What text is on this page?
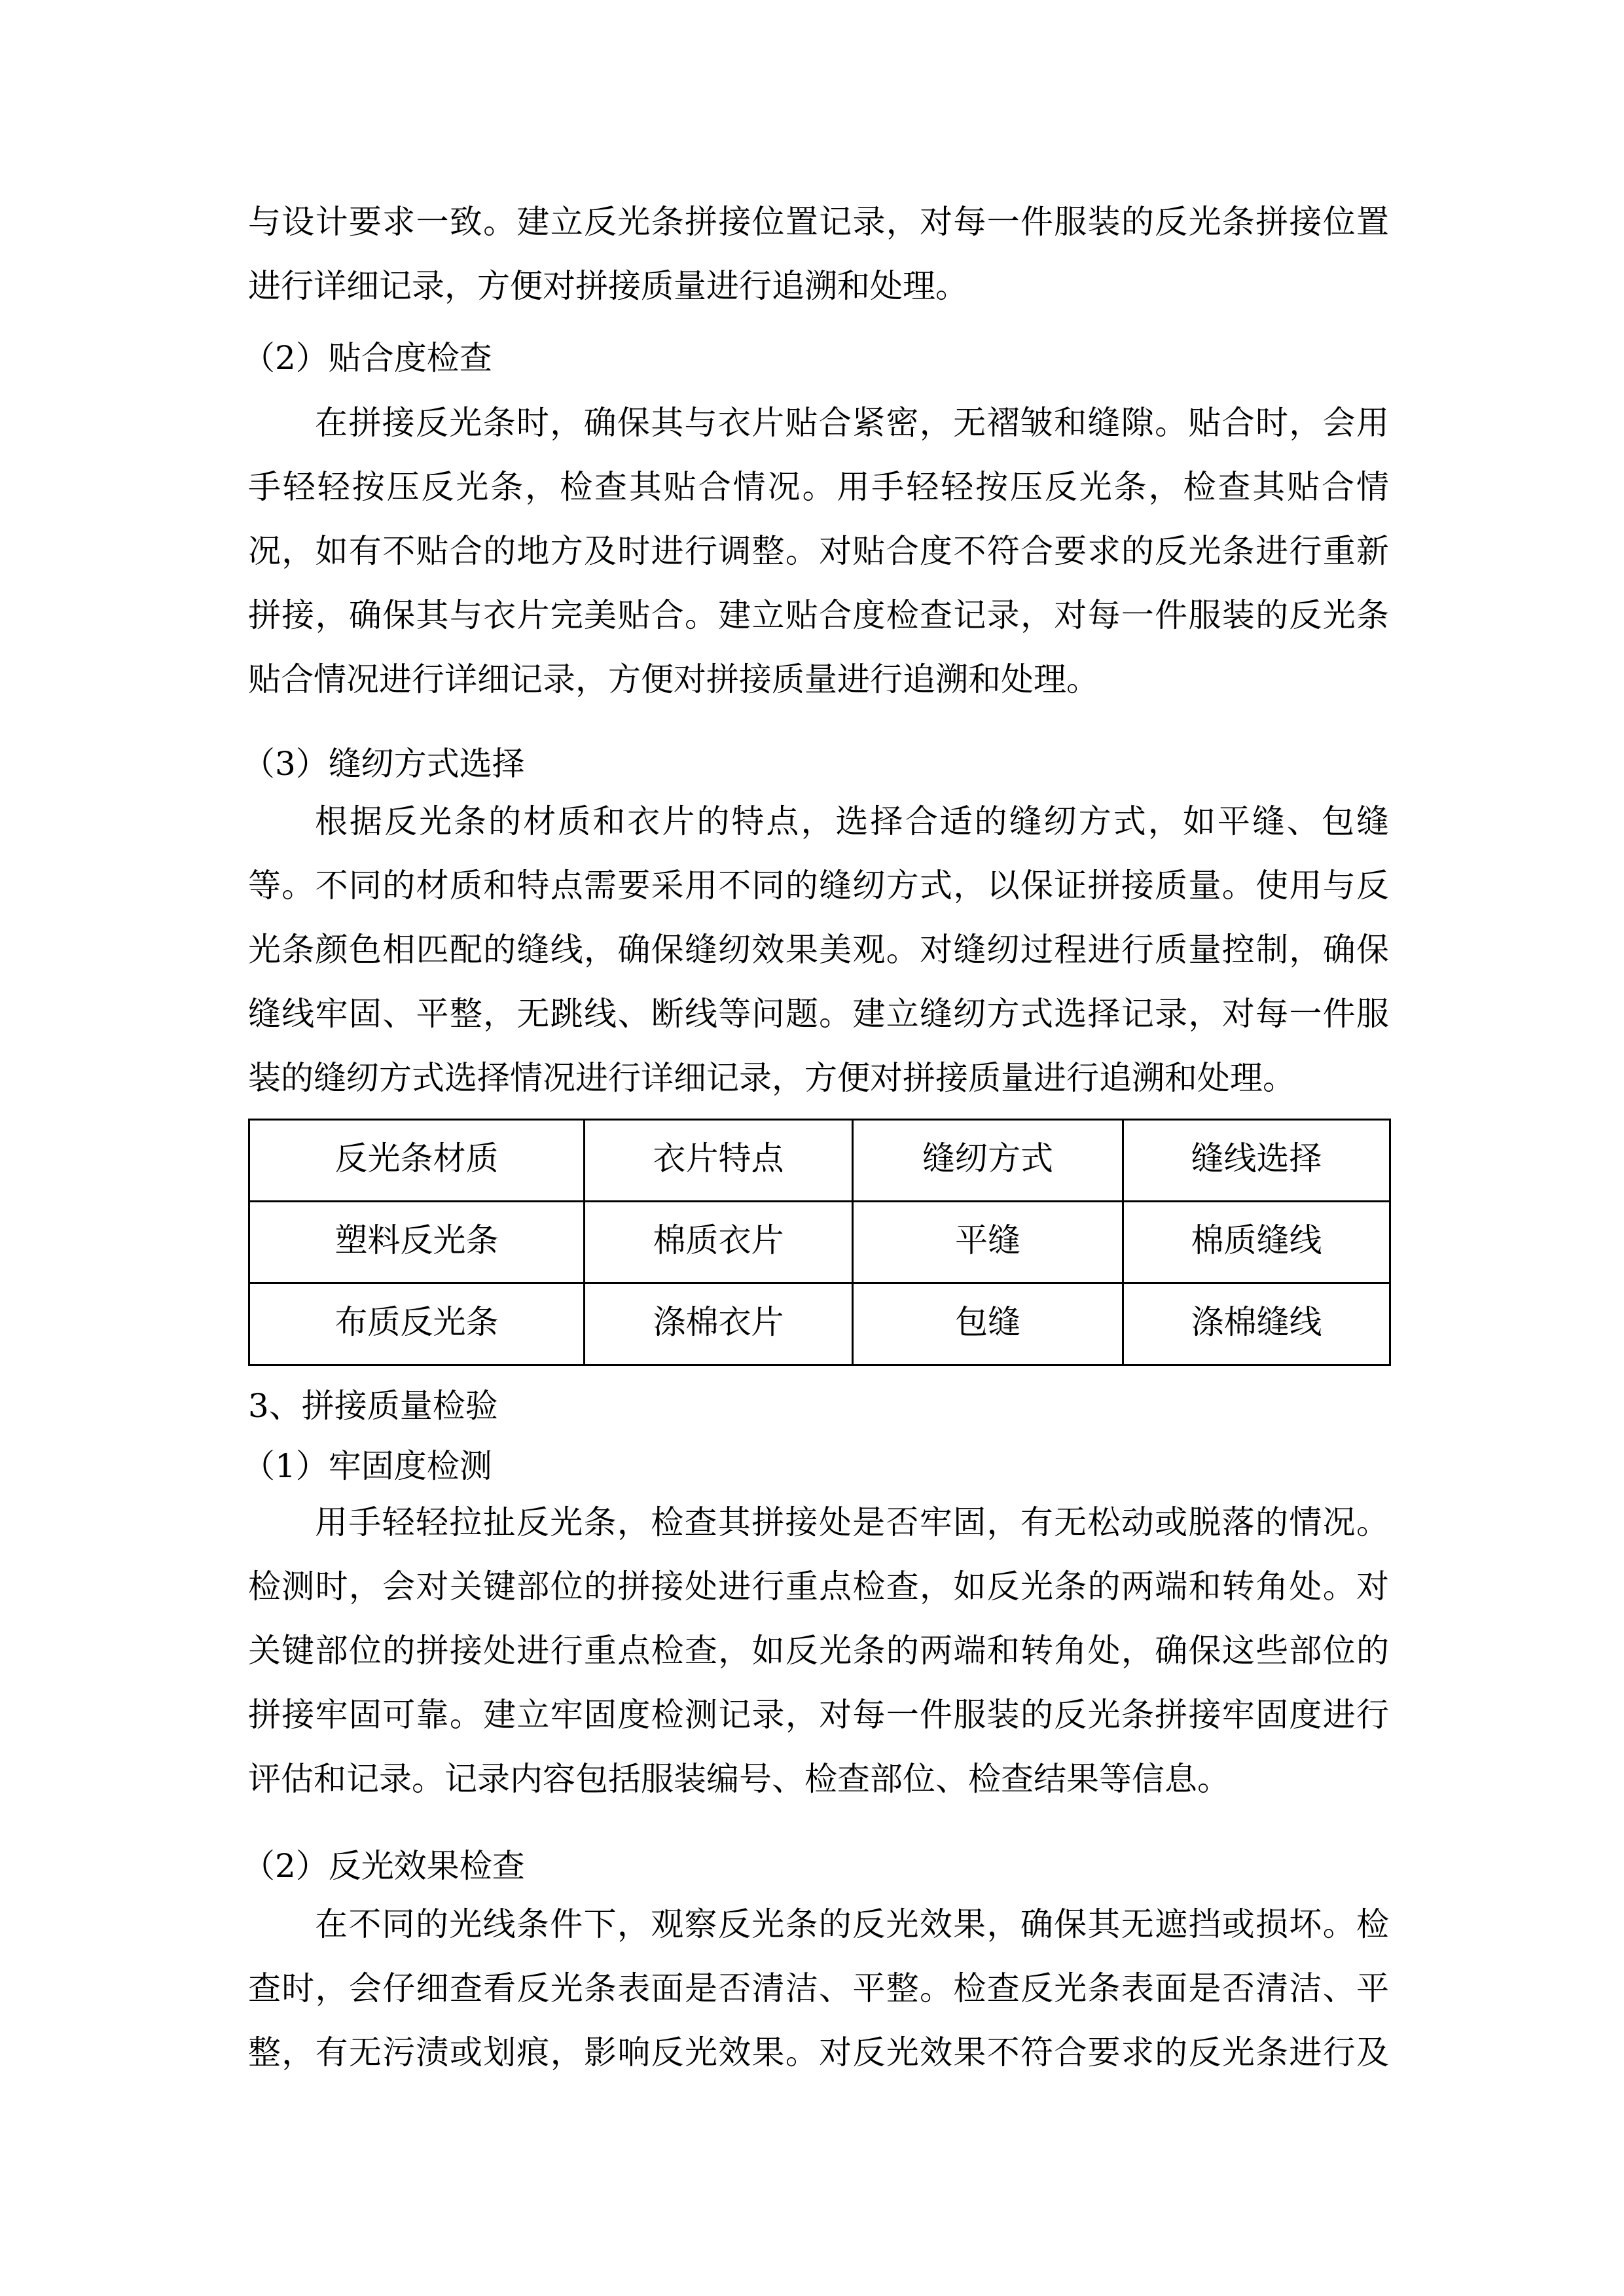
与设计要求一致。建立反光条拼接位置记录，对每一件服装的反光条拼接位置
进行详细记录，方便对拼接质量进行追溯和处理。
（2）贴合度检查
在拼接反光条时，确保其与衣片贴合紧密，无褶皱和缝隙。贴合时，会用
手轻轻按压反光条，检查其贴合情况。用手轻轻按压反光条，检查其贴合情
况，如有不贴合的地方及时进行调整。对贴合度不符合要求的反光条进行重新
拼接，确保其与衣片完美贴合。建立贴合度检查记录，对每一件服装的反光条
贴合情况进行详细记录，方便对拼接质量进行追溯和处理。
（3）缝纫方式选择
根据反光条的材质和衣片的特点，选择合适的缝纫方式，如平缝、包缝
等。不同的材质和特点需要采用不同的缝纫方式，以保证拼接质量。使用与反
光条颜色相匹配的缝线，确保缝纫效果美观。对缝纫过程进行质量控制，确保
缝线牢固、平整，无跳线、断线等问题。建立缝纫方式选择记录，对每一件服
装的缝纫方式选择情况进行详细记录，方便对拼接质量进行追溯和处理。
反光条材质	衣片特点	缝纫方式	缝线选择
塑料反光条	棉质衣片	平缝	棉质缝线
布质反光条	涤棉衣片	包缝	涤棉缝线
3、拼接质量检验
（1）牢固度检测
用手轻轻拉扯反光条，检查其拼接处是否牢固，有无松动或脱落的情况。
检测时，会对关键部位的拼接处进行重点检查，如反光条的两端和转角处。对
关键部位的拼接处进行重点检查，如反光条的两端和转角处，确保这些部位的
拼接牢固可靠。建立牢固度检测记录，对每一件服装的反光条拼接牢固度进行
评估和记录。记录内容包括服装编号、检查部位、检查结果等信息。
（2）反光效果检查
在不同的光线条件下，观察反光条的反光效果，确保其无遮挡或损坏。检
查时，会仔细查看反光条表面是否清洁、平整。检查反光条表面是否清洁、平
整，有无污渍或划痕，影响反光效果。对反光效果不符合要求的反光条进行及
